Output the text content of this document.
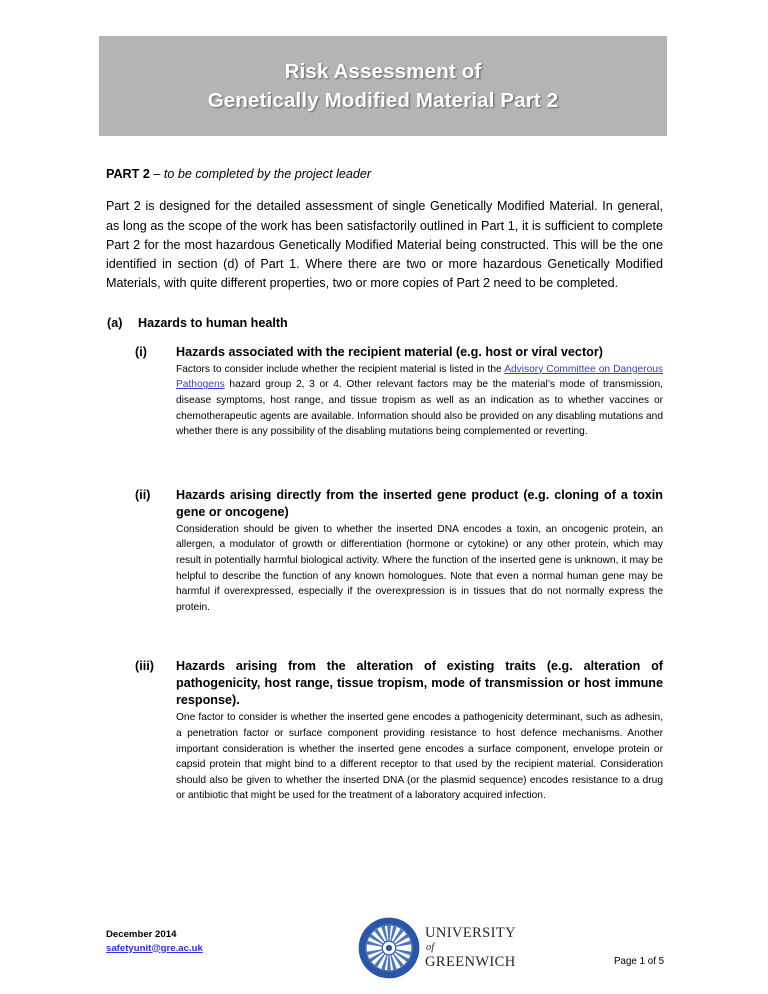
Risk Assessment of
Genetically Modified Material Part 2

PART 2 – to be completed by the project leader

Part 2 is designed for the detailed assessment of single Genetically Modified Material. In general, as long as the scope of the work has been satisfactorily outlined in Part 1, it is sufficient to complete Part 2 for the most hazardous Genetically Modified Material being constructed. This will be the one identified in section (d) of Part 1. Where there are two or more hazardous Genetically Modified Materials, with quite different properties, two or more copies of Part 2 need to be completed.

(a)	Hazards to human health
(i)	Hazards associated with the recipient material (e.g. host or viral vector)

Factors to consider include whether the recipient material is listed in the Advisory Committee on Dangerous Pathogens hazard group 2, 3 or 4. Other relevant factors may be the material’s mode of transmission, disease symptoms, host range, and tissue tropism as well as an indication as to whether vaccines or chemotherapeutic agents are available. Information should also be provided on any disabling mutations and whether there is any possibility of the disabling mutations being complemented or reverting.

(ii)	Hazards arising directly from the inserted gene product (e.g. cloning of a toxin gene or oncogene)

Consideration should be given to whether the inserted DNA encodes a toxin, an oncogenic protein, an allergen, a modulator of growth or differentiation (hormone or cytokine) or any other protein, which may result in potentially harmful biological activity. Where the function of the inserted gene is unknown, it may be helpful to describe the function of any known homologues. Note that even a normal human gene may be harmful if overexpressed, especially if the overexpression is in tissues that do not normally express the protein.

(iii)	Hazards arising from the alteration of existing traits (e.g. alteration of pathogenicity, host range, tissue tropism, mode of transmission or host immune response).

One factor to consider is whether the inserted gene encodes a pathogenicity determinant, such as adhesin, a penetration factor or surface component providing resistance to host defence mechanisms. Another important consideration is whether the inserted gene encodes a surface component, envelope protein or capsid protein that might bind to a different receptor to that used by the recipient material. Consideration should also be given to whether the inserted DNA (or the plasmid sequence) encodes resistance to a drug or antibiotic that might be used for the treatment of a laboratory acquired infection.

December 2014
safetyunit@gre.ac.uk
UNIVERSITY
of
GREENWICH	Page 1 of 5
